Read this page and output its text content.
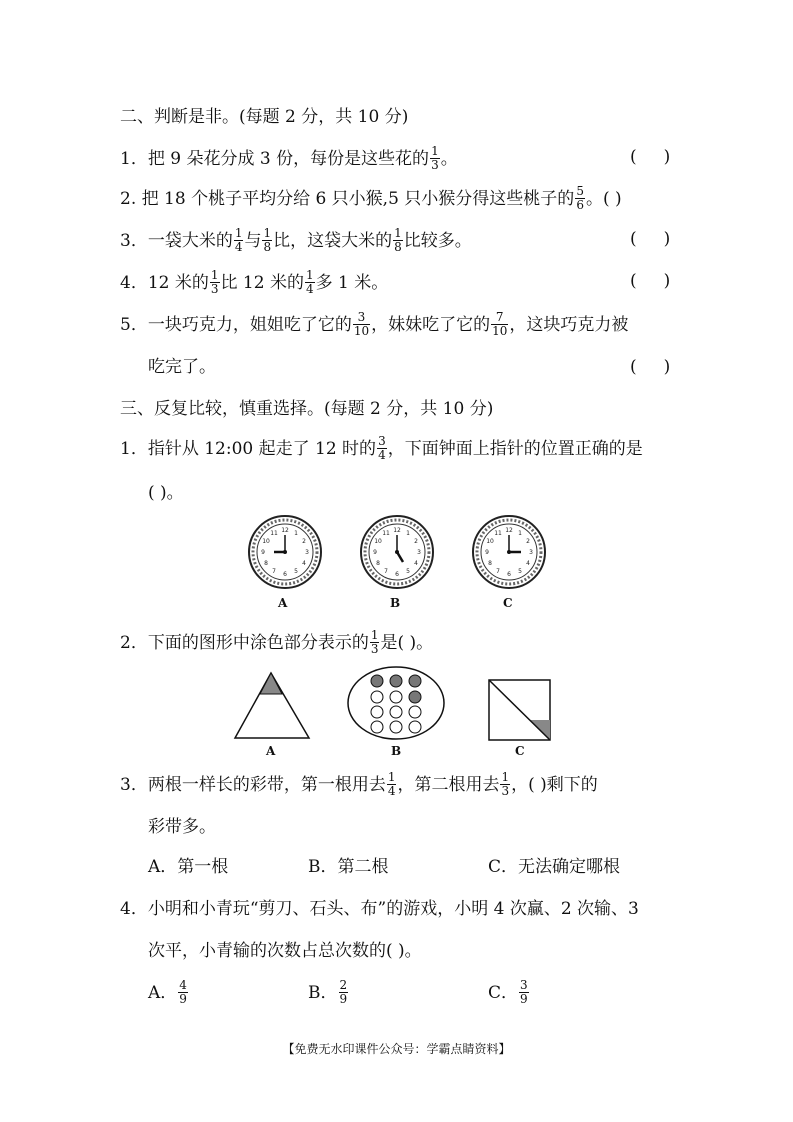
二、判断是非。(每题 2 分，共 10 分)
1．把 9 朵花分成 3 份，每份是这些花的 $\frac{1}{3}$ 。	(     )
2. 把 18 个桃子平均分给 6 只小猴,5 只小猴分得这些桃子的 $\frac{5}{6}$ 。( )
3．一袋大米的 $\frac{1}{4}$ 与 $\frac{1}{8}$ 比，这袋大米的 $\frac{1}{8}$ 比较多。	(     )
4．12 米的 $\frac{1}{3}$ 比 12 米的 $\frac{1}{4}$ 多 1 米。	(     )
5．一块巧克力，姐姐吃了它的 $\frac{3}{10}$ ，妹妹吃了它的 $\frac{7}{10}$ ，这块巧克力被
吃完了。	(     )
三、反复比较，慎重选择。(每题 2 分，共 10 分)
1．指针从 12:00 起走了 12 时的 $\frac{3}{4}$ ，下面钟面上指针的位置正确的是
( )。	12 1
2
3
6
7
8
9
10
11
A	B	C
2．下面的图形中涂色部分表示的 $\frac{1}{3}$ 是( )。
A	B	C
3．两根一样长的彩带，第一根用去 $\frac{1}{4}$ ，第二根用去 $\frac{1}{3}$ ，( )剩下的
彩带多。
A．第一根	B．第二根	C．无法确定哪根
4．小明和小青玩“剪刀、石头、布”的游戏，小明 4 次赢、2 次输、3
次平，小青输的次数占总次数的( )。
A． $\frac{4}{9}$	B． $\frac{2}{9}$	C． $\frac{3}{9}$
【免费无水印课件公众号：学霸点睛资料】
